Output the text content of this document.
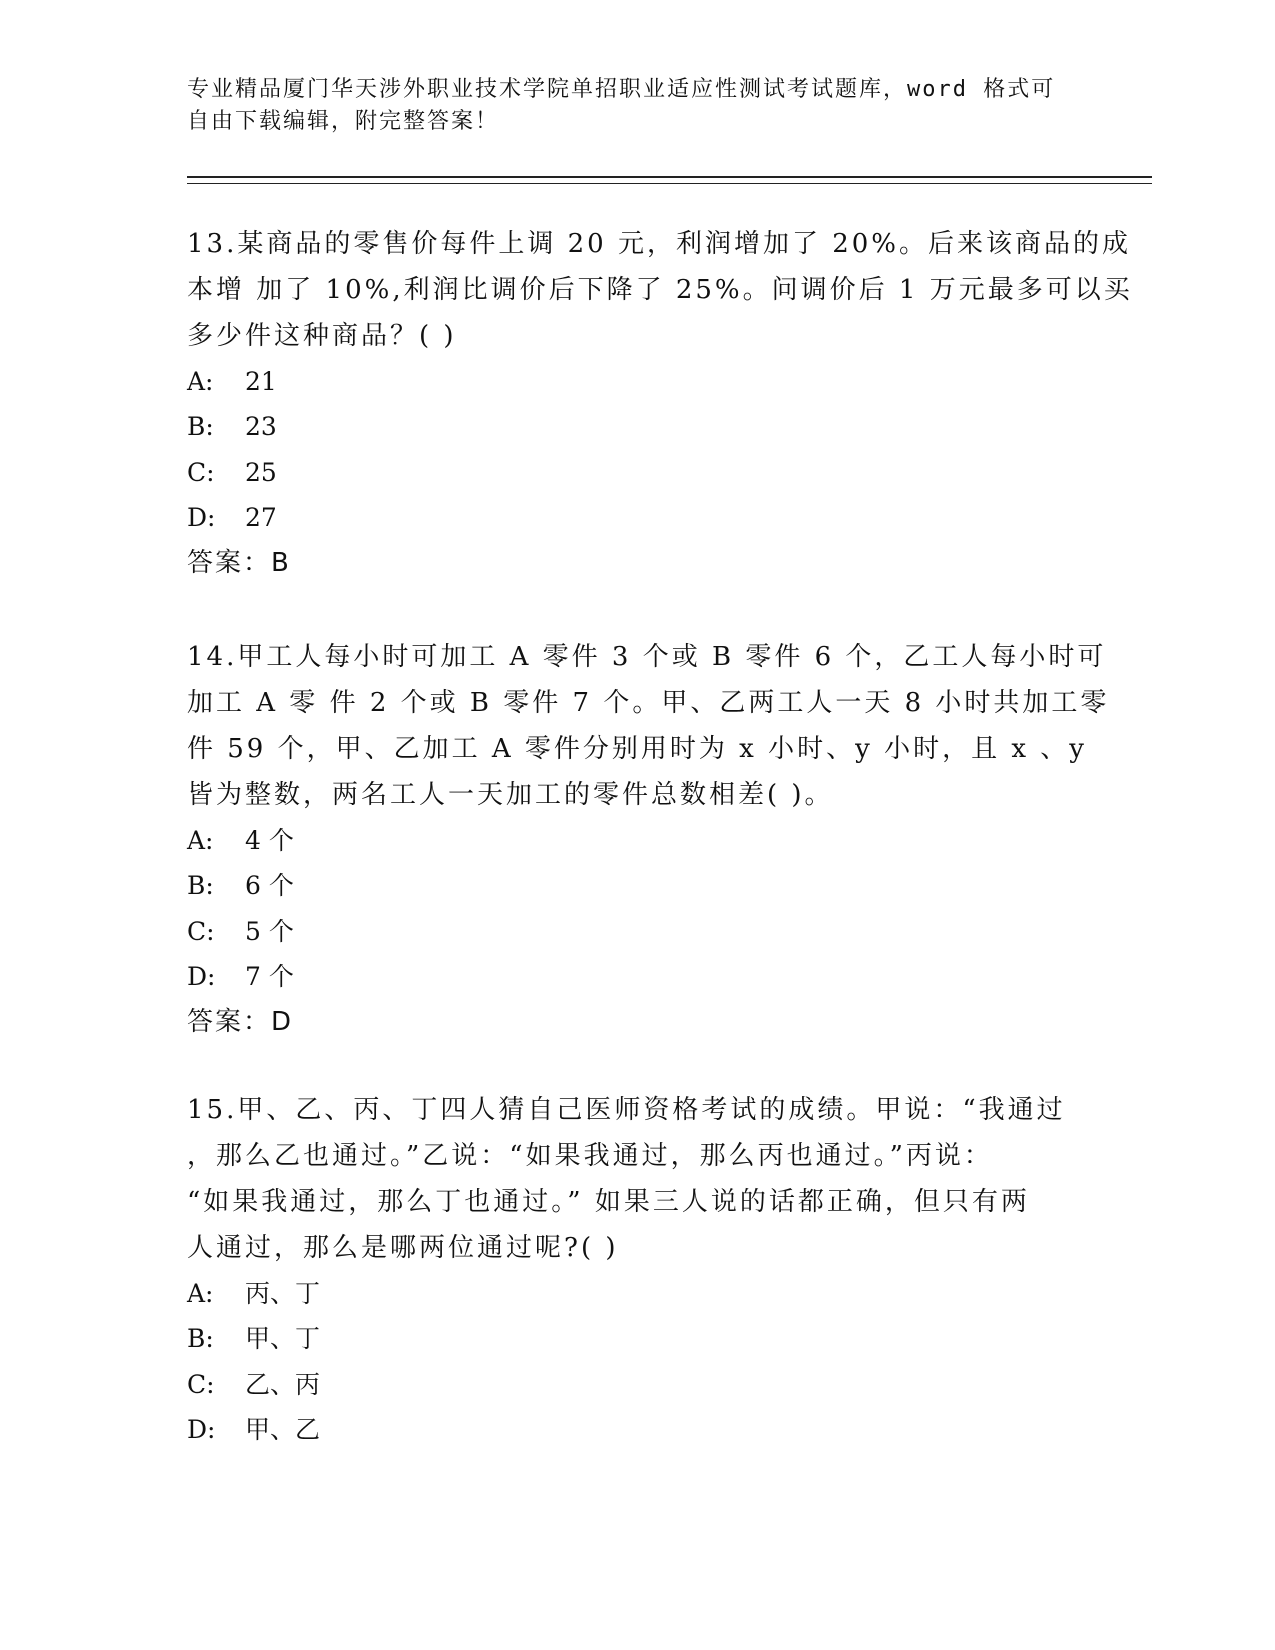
专业精品厦门华天涉外职业技术学院单招职业适应性测试考试题库，word 格式可
自由下载编辑，附完整答案！
13.某商品的零售价每件上调 20 元，利润增加了 20%。后来该商品的成
本增 加了 10%,利润比调价后下降了 25%。问调价后 1 万元最多可以买
多少件这种商品？( )
A: 21
B: 23
C: 25
D: 27
答案：B
14.甲工人每小时可加工 A 零件 3 个或 B 零件 6 个，乙工人每小时可
加工 A 零 件 2 个或 B 零件 7 个。甲、乙两工人一天 8 小时共加工零
件 59 个，甲、乙加工 A 零件分别用时为 x 小时、y 小时，且 x 、y
皆为整数，两名工人一天加工的零件总数相差( )。
A: 4 个
B: 6 个
C: 5 个
D: 7 个
答案：D
15.甲、乙、丙、丁四人猜自己医师资格考试的成绩。甲说：“我通过
，那么乙也通过。”乙说：“如果我通过，那么丙也通过。”丙说：
“如果我通过，那么丁也通过。” 如果三人说的话都正确，但只有两
人通过，那么是哪两位通过呢?( )
A: 丙、丁
B: 甲、丁
C: 乙、丙
D: 甲、乙
